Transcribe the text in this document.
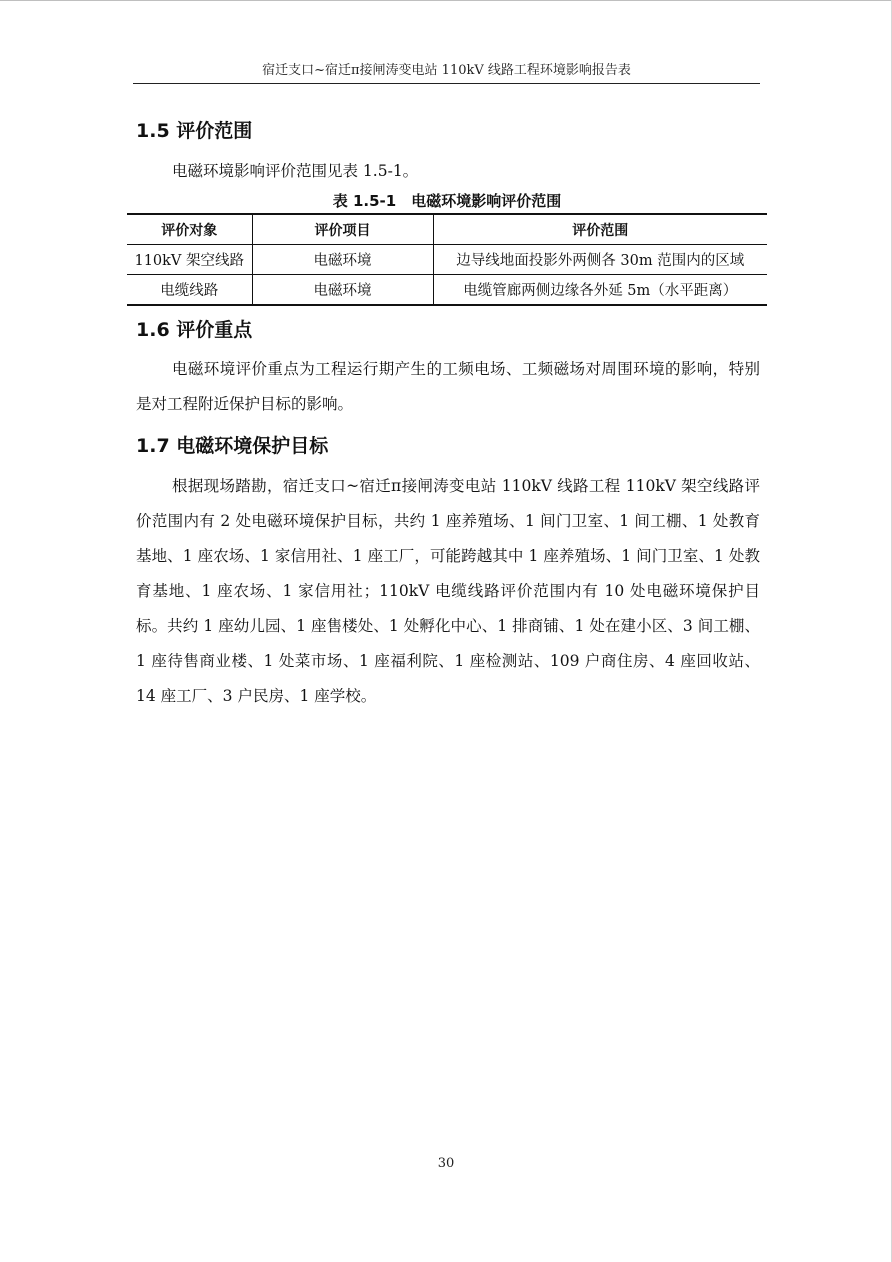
宿迁支口~宿迁π接闸涛变电站 110kV 线路工程环境影响报告表
1.5 评价范围
电磁环境影响评价范围见表 1.5-1。
表 1.5-1　电磁环境影响评价范围
评价对象	评价项目	评价范围
110kV 架空线路	电磁环境	边导线地面投影外两侧各 30m 范围内的区域
电缆线路	电磁环境	电缆管廊两侧边缘各外延 5m（水平距离）
1.6 评价重点
电磁环境评价重点为工程运行期产生的工频电场、工频磁场对周围环境的影响，特别是对工程附近保护目标的影响。
1.7 电磁环境保护目标
根据现场踏勘，宿迁支口~宿迁π接闸涛变电站 110kV 线路工程 110kV 架空线路评价范围内有 2 处电磁环境保护目标，共约 1 座养殖场、1 间门卫室、1 间工棚、1 处教育基地、1 座农场、1 家信用社、1 座工厂，可能跨越其中 1 座养殖场、1 间门卫室、1 处教育基地、1 座农场、1 家信用社；110kV 电缆线路评价范围内有 10 处电磁环境保护目标。共约 1 座幼儿园、1 座售楼处、1 处孵化中心、1 排商铺、1 处在建小区、3 间工棚、1 座待售商业楼、1 处菜市场、1 座福利院、1 座检测站、109 户商住房、4 座回收站、14 座工厂、3 户民房、1 座学校。
30
